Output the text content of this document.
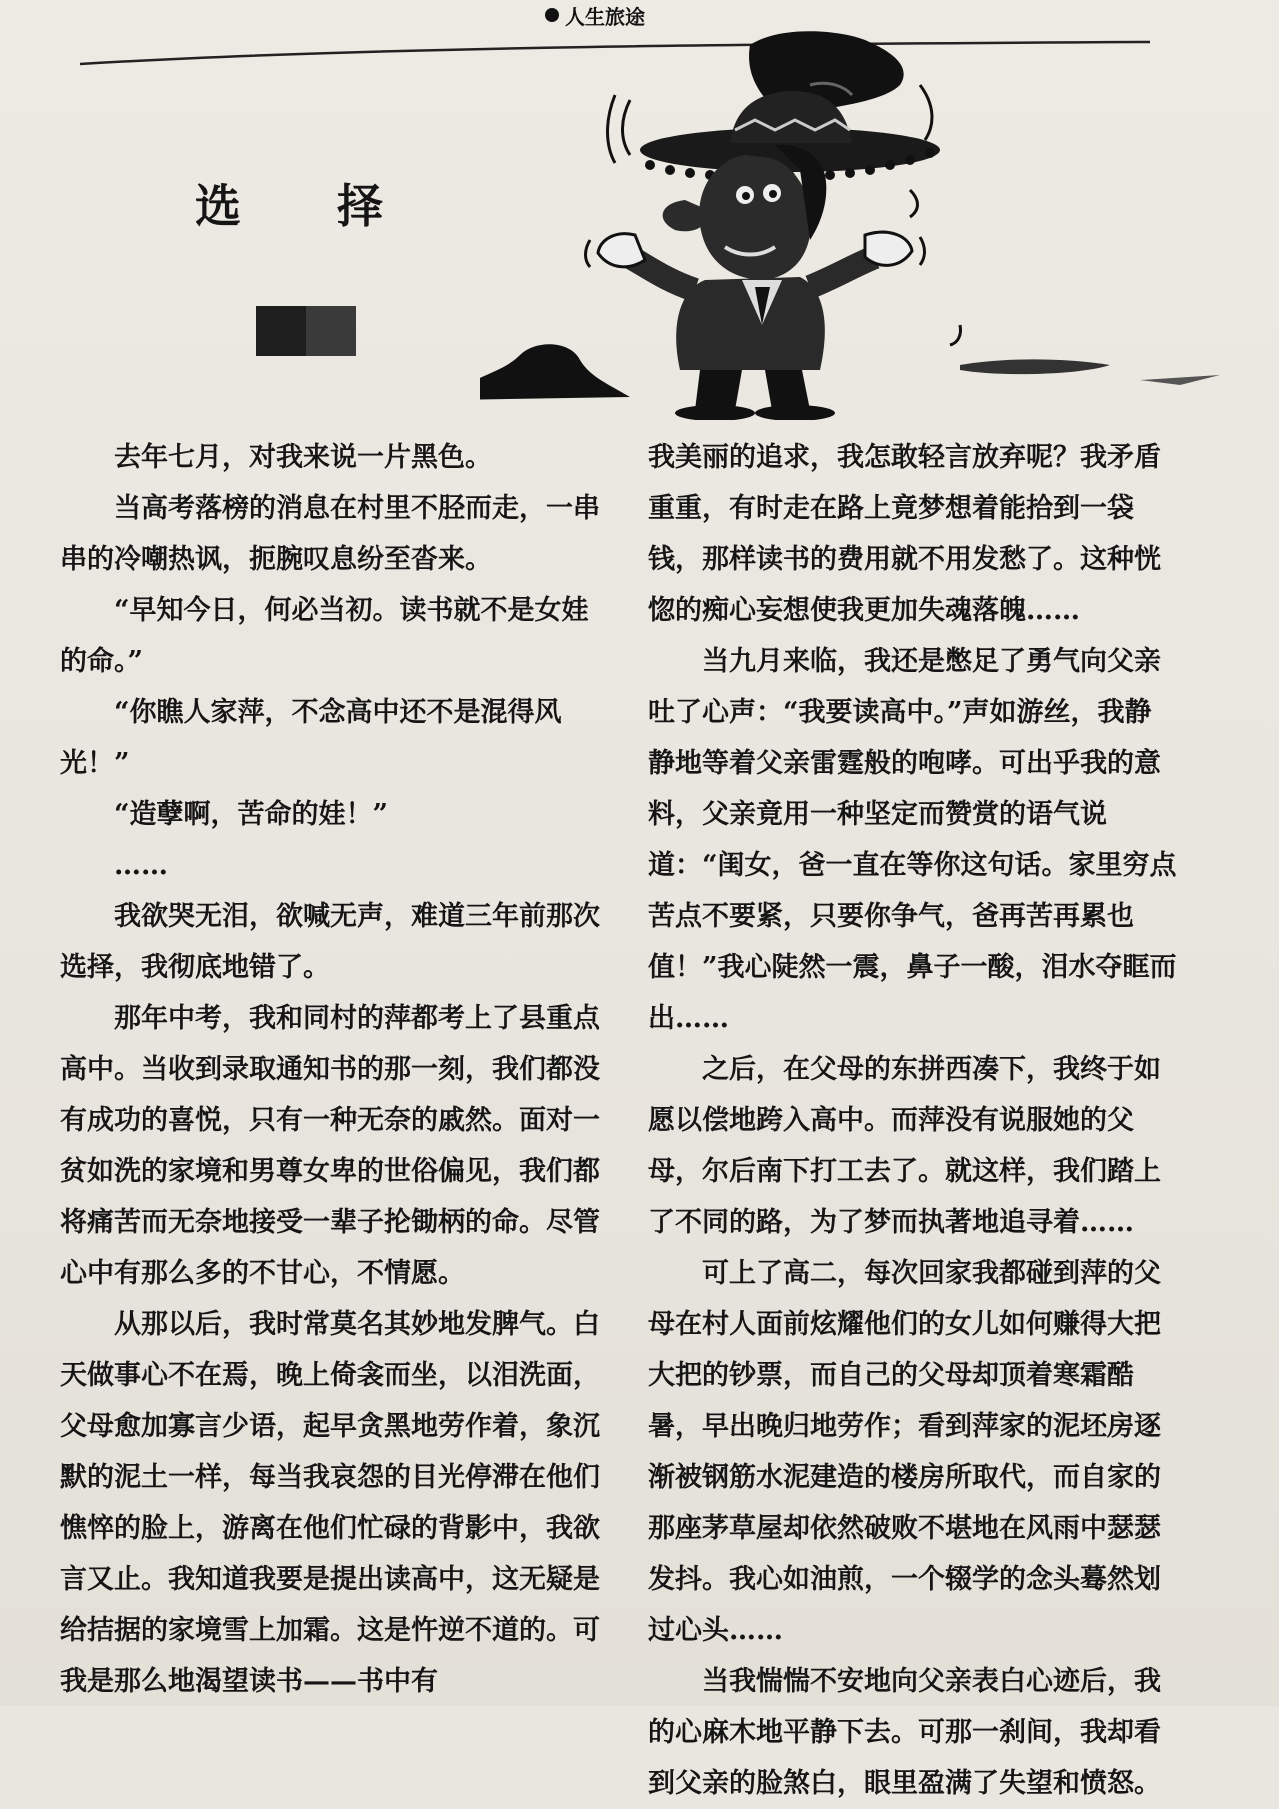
人生旅途
选 择

去年七月，对我来说一片黑色。

当高考落榜的消息在村里不胫而走，一串串的冷嘲热讽，扼腕叹息纷至沓来。

“早知今日，何必当初。读书就不是女娃的命。”

“你瞧人家萍，不念高中还不是混得风光！”

“造孽啊，苦命的娃！”

……

我欲哭无泪，欲喊无声，难道三年前那次选择，我彻底地错了。

那年中考，我和同村的萍都考上了县重点高中。当收到录取通知书的那一刻，我们都没有成功的喜悦，只有一种无奈的戚然。面对一贫如洗的家境和男尊女卑的世俗偏见，我们都将痛苦而无奈地接受一辈子抡锄柄的命。尽管心中有那么多的不甘心，不情愿。

从那以后，我时常莫名其妙地发脾气。白天做事心不在焉，晚上倚衾而坐，以泪洗面，父母愈加寡言少语，起早贪黑地劳作着，象沉默的泥土一样，每当我哀怨的目光停滞在他们憔悴的脸上，游离在他们忙碌的背影中，我欲言又止。我知道我要是提出读高中，这无疑是给拮据的家境雪上加霜。这是忤逆不道的。可我是那么地渴望读书——书中有

我美丽的追求，我怎敢轻言放弃呢？我矛盾重重，有时走在路上竟梦想着能拾到一袋钱，那样读书的费用就不用发愁了。这种恍惚的痴心妄想使我更加失魂落魄……

当九月来临，我还是憋足了勇气向父亲吐了心声：“我要读高中。”声如游丝，我静静地等着父亲雷霆般的咆哮。可出乎我的意料，父亲竟用一种坚定而赞赏的语气说道：“闺女，爸一直在等你这句话。家里穷点苦点不要紧，只要你争气，爸再苦再累也值！”我心陡然一震，鼻子一酸，泪水夺眶而出……

之后，在父母的东拼西凑下，我终于如愿以偿地跨入高中。而萍没有说服她的父母，尔后南下打工去了。就这样，我们踏上了不同的路，为了梦而执著地追寻着……

可上了高二，每次回家我都碰到萍的父母在村人面前炫耀他们的女儿如何赚得大把大把的钞票，而自己的父母却顶着寒霜酷暑，早出晚归地劳作；看到萍家的泥坯房逐渐被钢筋水泥建造的楼房所取代，而自家的那座茅草屋却依然破败不堪地在风雨中瑟瑟发抖。我心如油煎，一个辍学的念头蓦然划过心头……

当我惴惴不安地向父亲表白心迹后，我的心麻木地平静下去。可那一刹间，我却看到父亲的脸煞白，眼里盈满了失望和愤怒。
